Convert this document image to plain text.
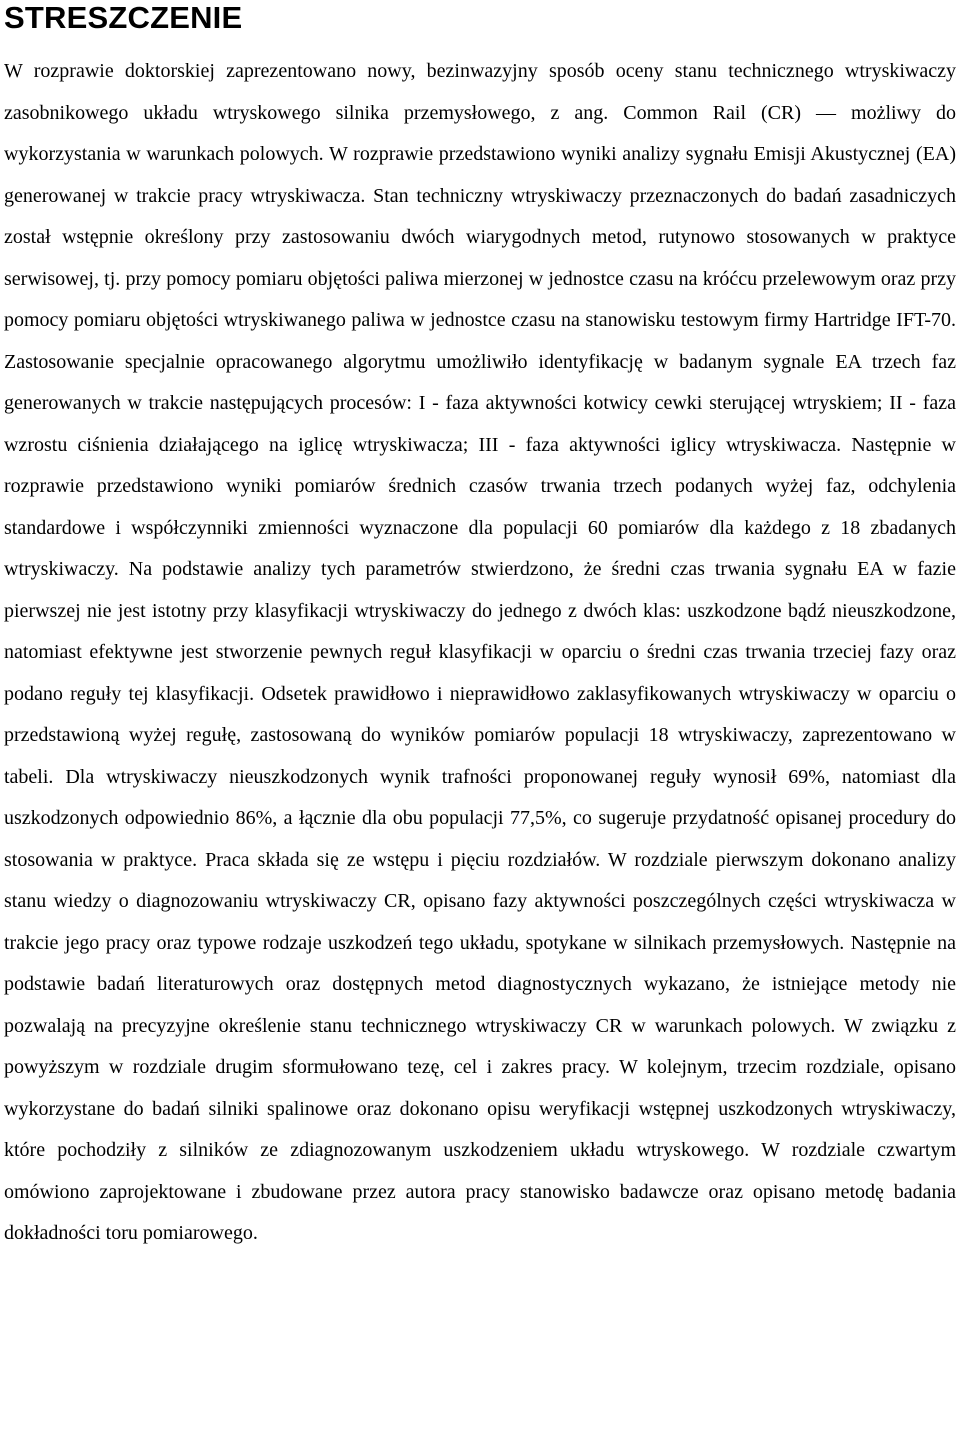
STRESZCZENIE

W rozprawie doktorskiej zaprezentowano nowy, bezinwazyjny sposób oceny stanu technicznego wtryskiwaczy zasobnikowego układu wtryskowego silnika przemysłowego, z ang. Common Rail (CR) ― możliwy do wykorzystania w warunkach polowych. W rozprawie przedstawiono wyniki analizy sygnału Emisji Akustycznej (EA) generowanej w trakcie pracy wtryskiwacza. Stan techniczny wtryskiwaczy przeznaczonych do badań zasadniczych został wstępnie określony przy zastosowaniu dwóch wiarygodnych metod, rutynowo stosowanych w praktyce serwisowej, tj. przy pomocy pomiaru objętości paliwa mierzonej w jednostce czasu na króćcu przelewowym oraz przy pomocy pomiaru objętości wtryskiwanego paliwa w jednostce czasu na stanowisku testowym firmy Hartridge IFT-70. Zastosowanie specjalnie opracowanego algorytmu umożliwiło identyfikację w badanym sygnale EA trzech faz generowanych w trakcie następujących procesów: I - faza aktywności kotwicy cewki sterującej wtryskiem; II - faza wzrostu ciśnienia działającego na iglicę wtryskiwacza; III - faza aktywności iglicy wtryskiwacza. Następnie w rozprawie przedstawiono wyniki pomiarów średnich czasów trwania trzech podanych wyżej faz, odchylenia standardowe i współczynniki zmienności wyznaczone dla populacji 60 pomiarów dla każdego z 18 zbadanych wtryskiwaczy. Na podstawie analizy tych parametrów stwierdzono, że średni czas trwania sygnału EA w fazie pierwszej nie jest istotny przy klasyfikacji wtryskiwaczy do jednego z dwóch klas: uszkodzone bądź nieuszkodzone, natomiast efektywne jest stworzenie pewnych reguł klasyfikacji w oparciu o średni czas trwania trzeciej fazy oraz podano reguły tej klasyfikacji. Odsetek prawidłowo i nieprawidłowo zaklasyfikowanych wtryskiwaczy w oparciu o przedstawioną wyżej regułę, zastosowaną do wyników pomiarów populacji 18 wtryskiwaczy, zaprezentowano w tabeli. Dla wtryskiwaczy nieuszkodzonych wynik trafności proponowanej reguły wynosił 69%, natomiast dla uszkodzonych odpowiednio 86%, a łącznie dla obu populacji 77,5%, co sugeruje przydatność opisanej procedury do stosowania w praktyce. Praca składa się ze wstępu i pięciu rozdziałów. W rozdziale pierwszym dokonano analizy stanu wiedzy o diagnozowaniu wtryskiwaczy CR, opisano fazy aktywności poszczególnych części wtryskiwacza w trakcie jego pracy oraz typowe rodzaje uszkodzeń tego układu, spotykane w silnikach przemysłowych. Następnie na podstawie badań literaturowych oraz dostępnych metod diagnostycznych wykazano, że istniejące metody nie pozwalają na precyzyjne określenie stanu technicznego wtryskiwaczy CR w warunkach polowych. W związku z powyższym w rozdziale drugim sformułowano tezę, cel i zakres pracy. W kolejnym, trzecim rozdziale, opisano wykorzystane do badań silniki spalinowe oraz dokonano opisu weryfikacji wstępnej uszkodzonych wtryskiwaczy, które pochodziły z silników ze zdiagnozowanym uszkodzeniem układu wtryskowego. W rozdziale czwartym omówiono zaprojektowane i zbudowane przez autora pracy stanowisko badawcze oraz opisano metodę badania dokładności toru pomiarowego.
